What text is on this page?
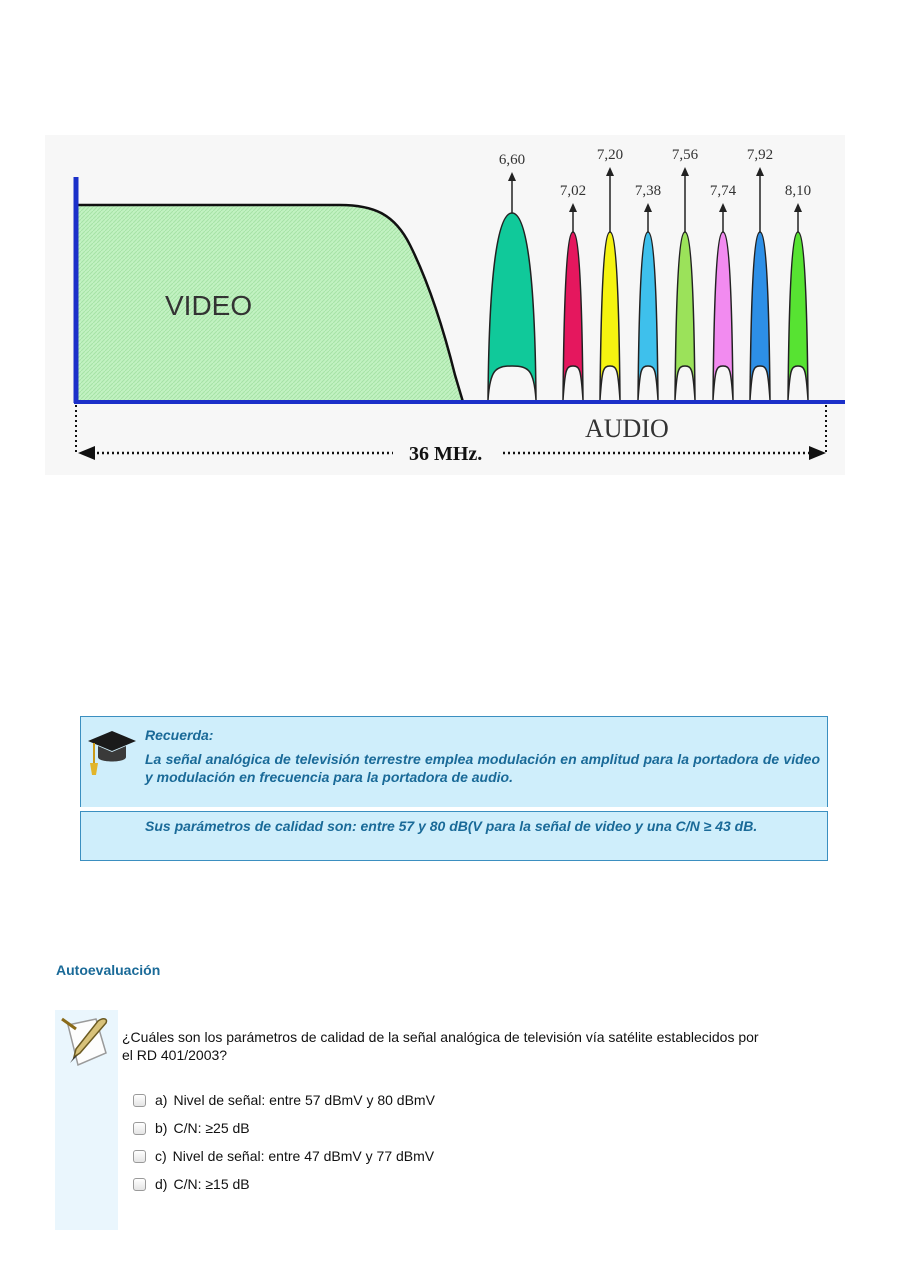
VIDEO
6,60
7,02
7,20
7,38
7,56
7,74
7,92
8,10
AUDIO
36 MHz.
Recuerda:
La señal analógica de televisión terrestre emplea modulación en amplitud para la portadora de video y modulación en frecuencia para la portadora de audio.
Sus parámetros de calidad son: entre 57 y 80 dB(V para la señal de video y una C/N ≥ 43 dB.
Autoevaluación
¿Cuáles son los parámetros de calidad de la señal analógica de televisión vía satélite establecidos por el RD 401/2003?
a) Nivel de señal: entre 57 dBmV y 80 dBmV
b) C/N: ≥25 dB
c) Nivel de señal: entre 47 dBmV y 77 dBmV
d) C/N: ≥15 dB
